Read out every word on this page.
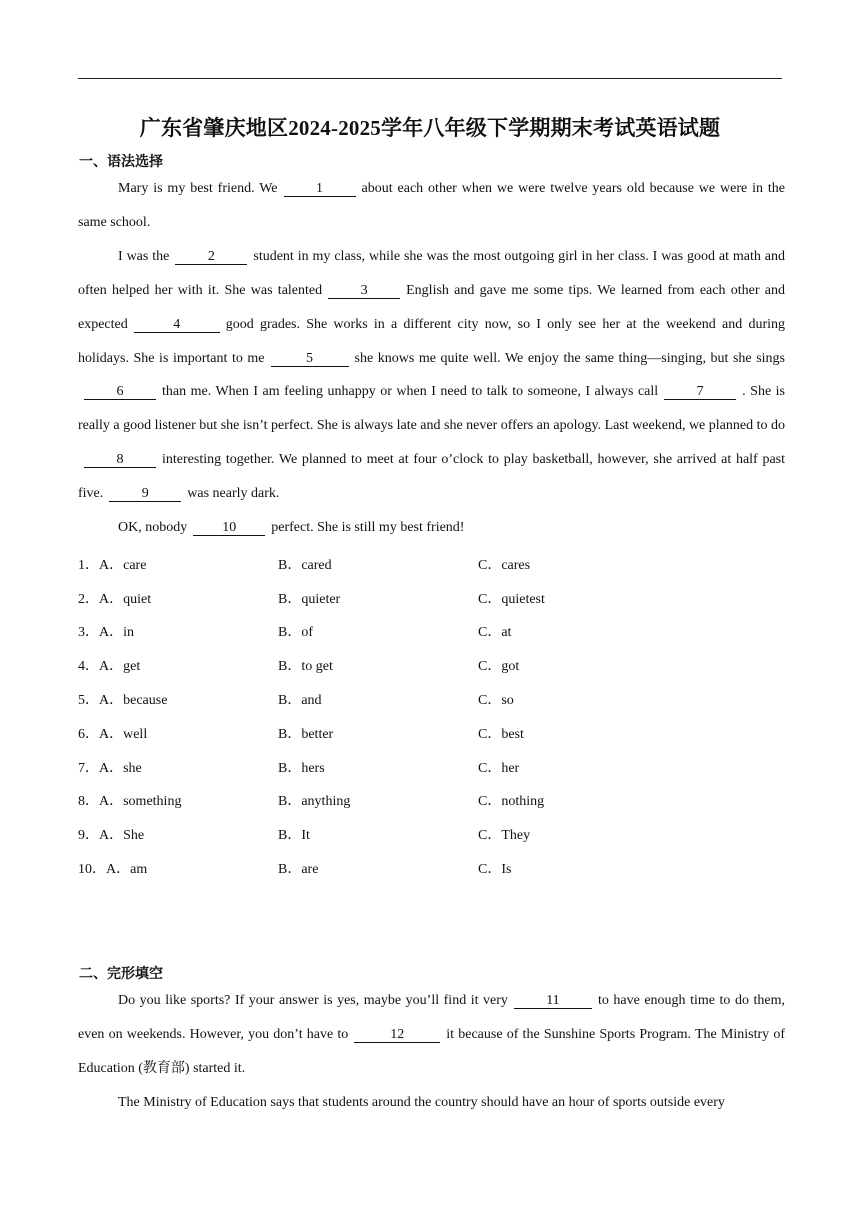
广东省肇庆地区2024-2025学年八年级下学期期末考试英语试题
一、语法选择

Mary is my best friend. We	1	about each other when we were twelve years old because we were in the same school.

I was the	2	student in my class, while she was the most outgoing girl in her class. I was good at math and often helped her with it. She was talented	3	English and gave me some tips. We learned from each other and expected	4	good grades. She works in a different city now, so I only see her at the weekend and during holidays. She is important to me	5	she knows me quite well. We enjoy the same thing—singing, but she sings6	than me. When I am feeling unhappy or when I need to talk to someone, I always call	7	. She is really a good listener but she isn’t perfect. She is always late and she never offers an apology. Last weekend, we planned to do8	interesting together. We planned to meet at four o’clock to play basketball, however, she arrived at half past five.	9	was nearly dark.

OK, nobody	10	perfect. She is still my best friend!

1．A．care	B．cared	C．cares
2．A．quiet	B．quieter	C．quietest
3．A．in	B．of	C．at
4．A．get	B．to get	C．got
5．A．because	B．and	C．so
6．A．well	B．better	C．best
7．A．she	B．hers	C．her
8．A．something	B．anything	C．nothing
9．A．She	B．It	C．They
10．A．am	B．are	C．Is
二、完形填空

Do you like sports? If your answer is yes, maybe you’ll find it very	11	to have enough time to do them, even on weekends. However, you don’t have to	12	it because of the Sunshine Sports Program. The Ministry of Education (教育部) started it.

The Ministry of Education says that students around the country should have an hour of sports outside every
